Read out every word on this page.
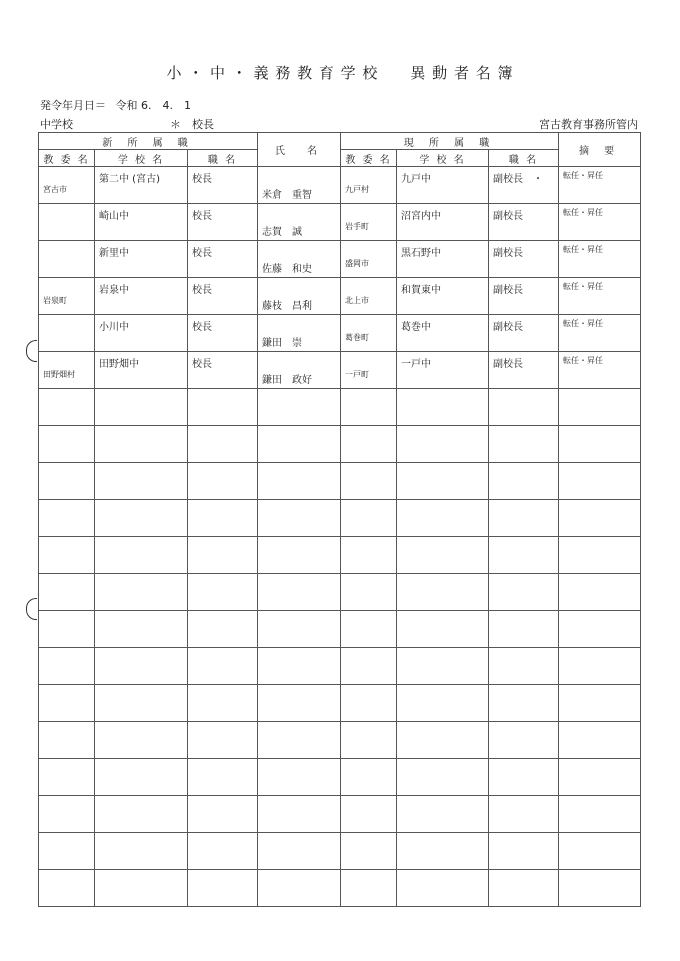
小 ・ 中 ・ 義 務 教 育 学 校　　異 動 者 名 簿
発令年月日＝ 令和 6.　4.　1
中学校	＊　校長	宮古教育事務所管内
新 所 属 職			氏　名	現 所 属 職			摘 要
教 委 名	学 校 名	職 名		教 委 名	学 校 名	職 名	

宮古市	第二中 (宮古)	校長	米倉　重智	九戸村	九戸中	副校長　・	転任・昇任

	崎山中	校長	志賀　誠	岩手町	沼宮内中	副校長	転任・昇任

	新里中	校長	佐藤　和史	盛岡市	黒石野中	副校長	転任・昇任

岩泉町	岩泉中	校長	藤枝　昌利	北上市	和賀東中	副校長	転任・昇任

	小川中	校長	鎌田　崇	葛巻町	葛巻中	副校長	転任・昇任

田野畑村	田野畑中	校長	鎌田　政好	一戸町	一戸中	副校長	転任・昇任
